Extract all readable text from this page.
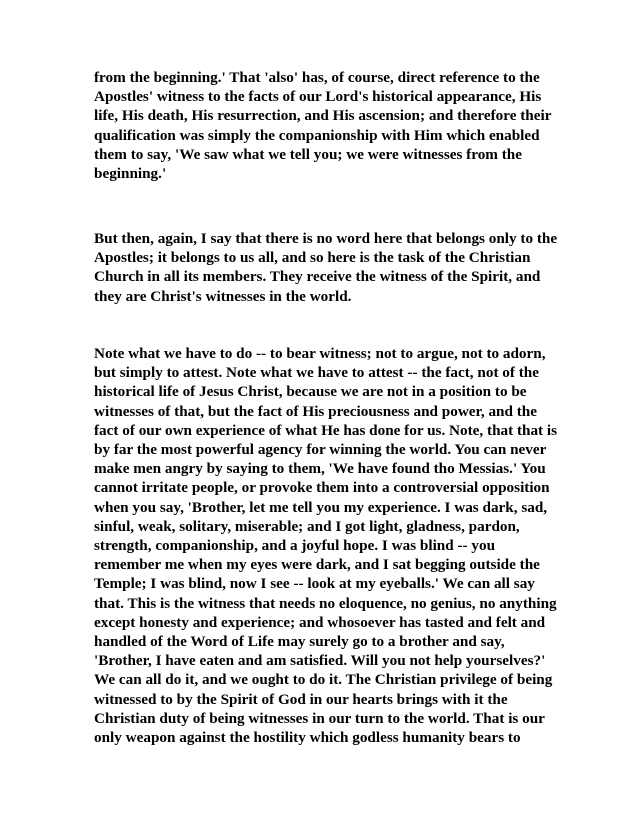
from the beginning.' That 'also' has, of course, direct reference to the
Apostles' witness to the facts of our Lord's historical appearance, His
life, His death, His resurrection, and His ascension; and therefore their
qualification was simply the companionship with Him which enabled
them to say, 'We saw what we tell you; we were witnesses from the
beginning.'
But then, again, I say that there is no word here that belongs only to the
Apostles; it belongs to us all, and so here is the task of the Christian
Church in all its members. They receive the witness of the Spirit, and
they are Christ's witnesses in the world.
Note what we have to do -- to bear witness; not to argue, not to adorn,
but simply to attest. Note what we have to attest -- the fact, not of the
historical life of Jesus Christ, because we are not in a position to be
witnesses of that, but the fact of His preciousness and power, and the
fact of our own experience of what He has done for us. Note, that that is
by far the most powerful agency for winning the world. You can never
make men angry by saying to them, 'We have found tho Messias.' You
cannot irritate people, or provoke them into a controversial opposition
when you say, 'Brother, let me tell you my experience. I was dark, sad,
sinful, weak, solitary, miserable; and I got light, gladness, pardon,
strength, companionship, and a joyful hope. I was blind -- you
remember me when my eyes were dark, and I sat begging outside the
Temple; I was blind, now I see -- look at my eyeballs.' We can all say
that. This is the witness that needs no eloquence, no genius, no anything
except honesty and experience; and whosoever has tasted and felt and
handled of the Word of Life may surely go to a brother and say,
'Brother, I have eaten and am satisfied. Will you not help yourselves?'
We can all do it, and we ought to do it. The Christian privilege of being
witnessed to by the Spirit of God in our hearts brings with it the
Christian duty of being witnesses in our turn to the world. That is our
only weapon against the hostility which godless humanity bears to
